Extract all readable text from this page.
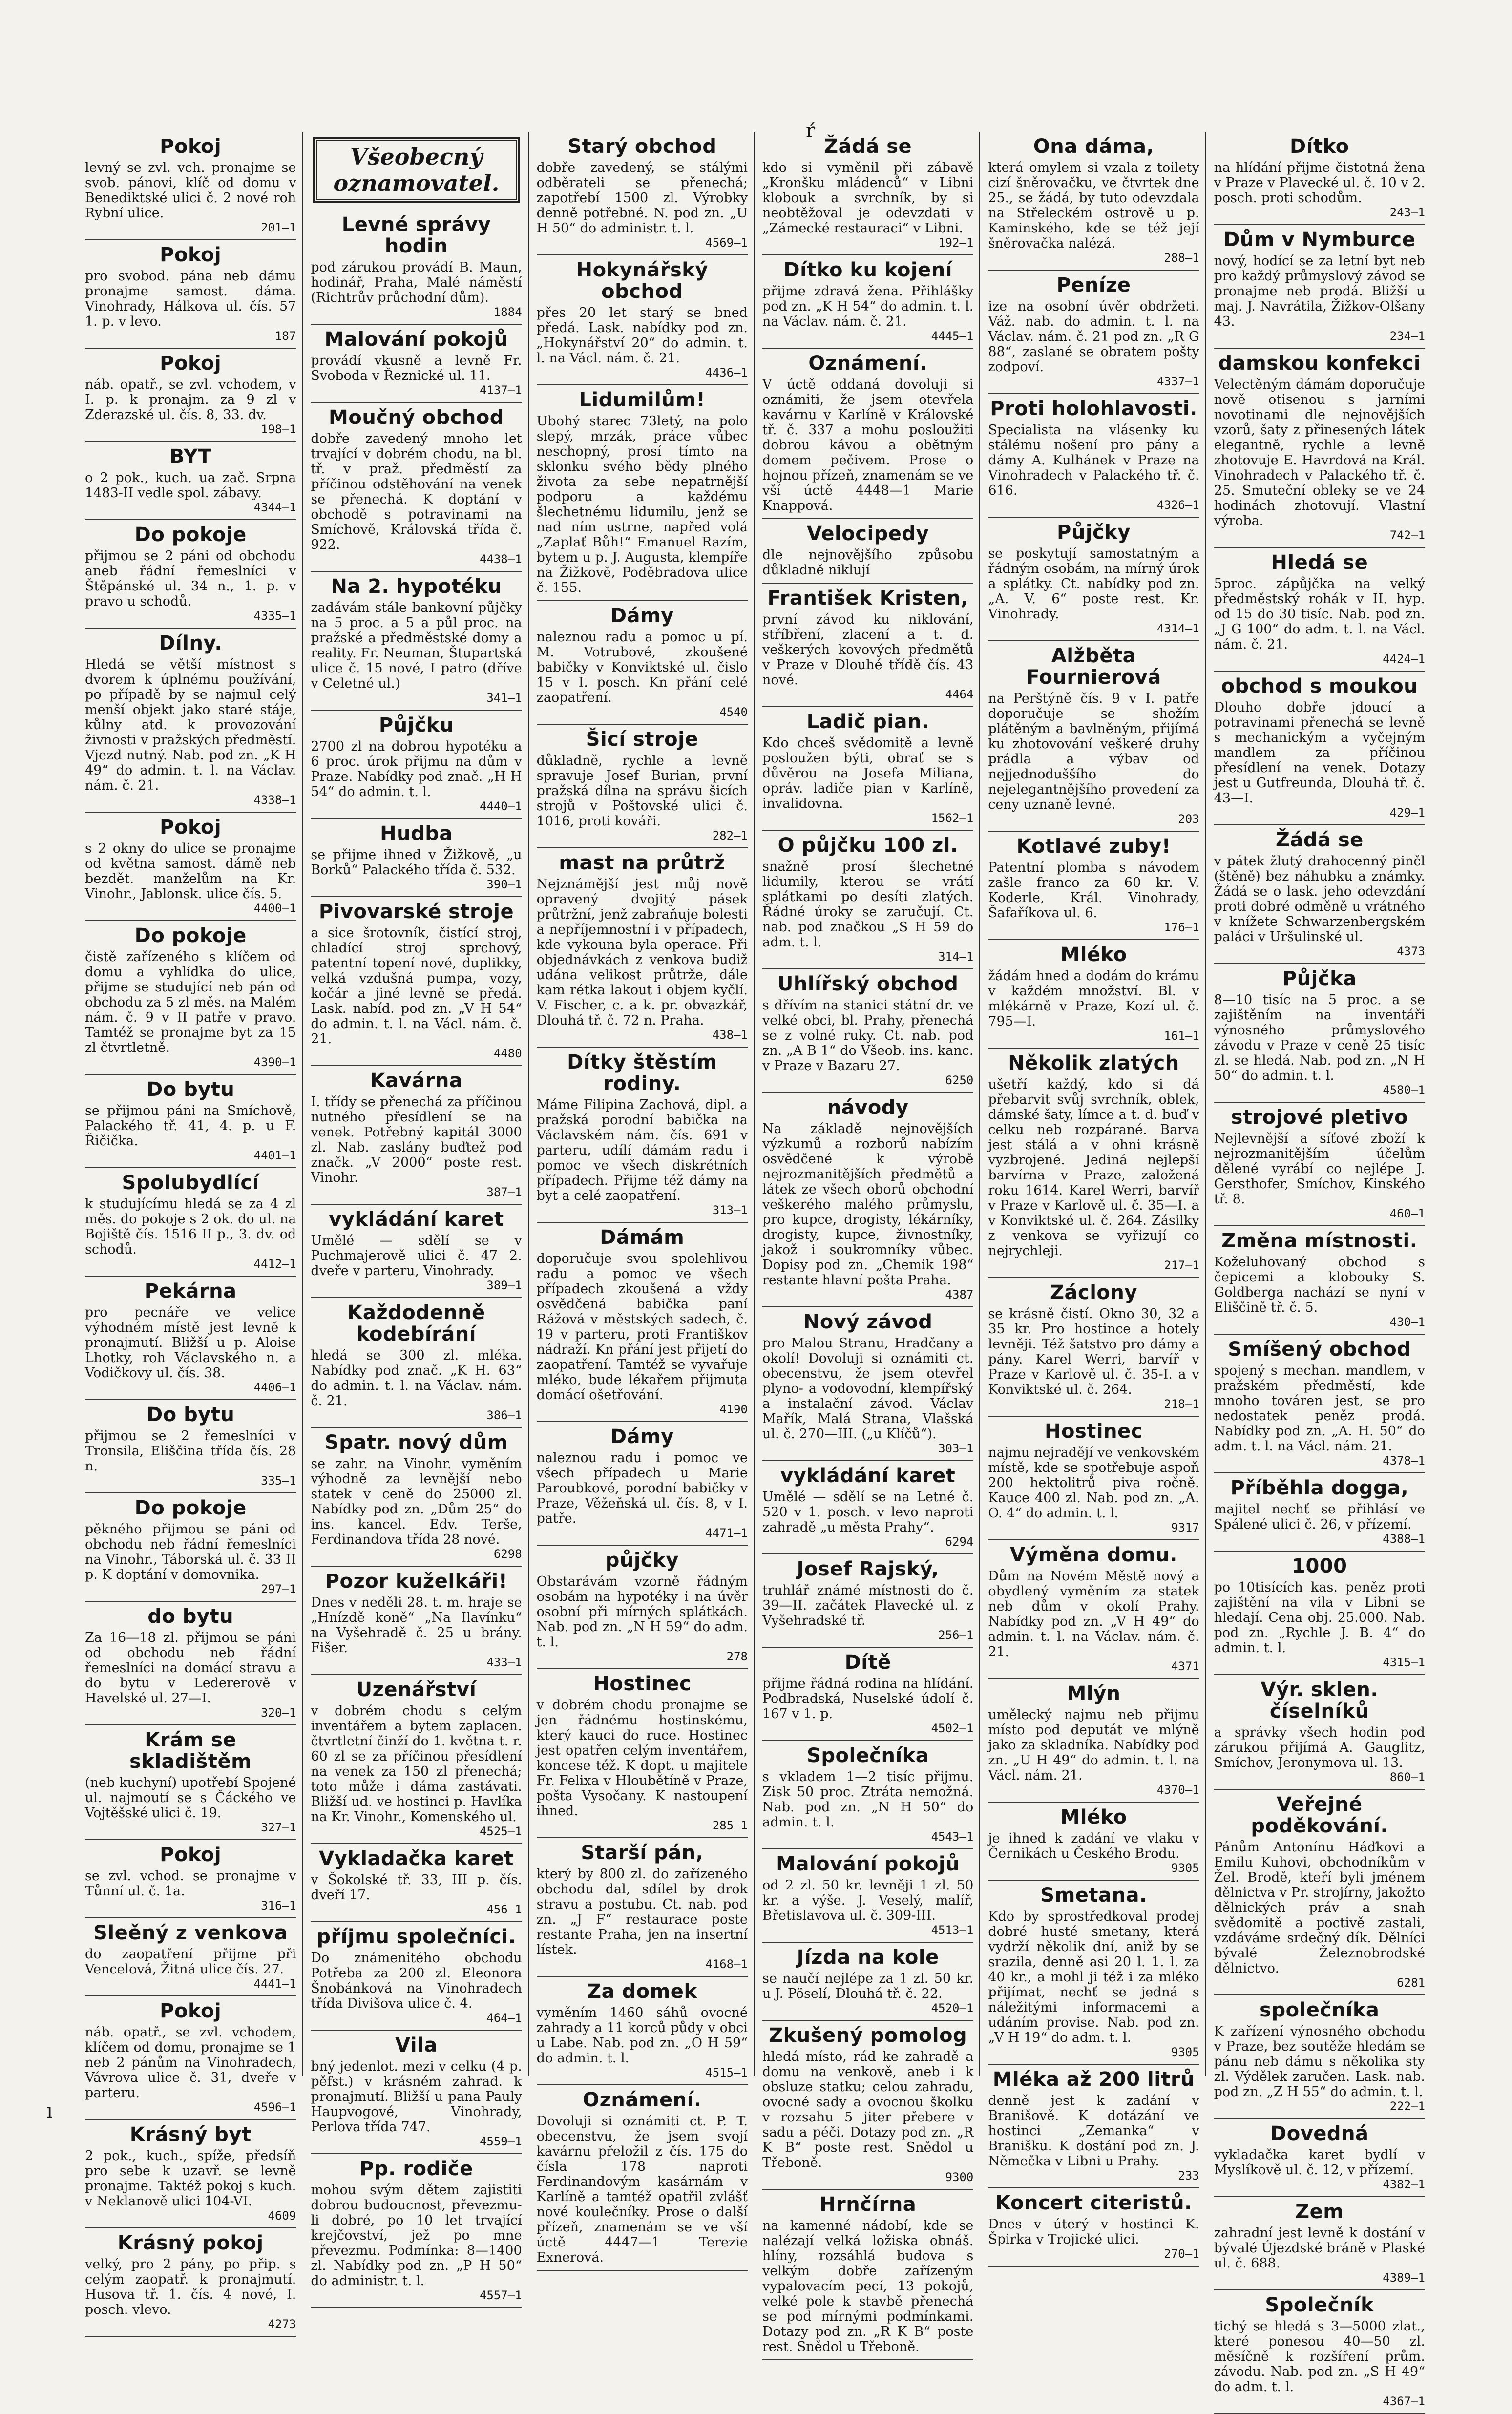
Pokoj

levný se zvl. vch. pronajme se svob. pánovi, klíč od domu v Benediktské ulici č. 2 nové roh Rybní ulice.

201—1
Pokoj

pro svobod. pána neb dámu pronajme samost. dáma. Vinohrady, Hálkova ul. čís. 57 1. p. v levo.

187
Pokoj

náb. opatř., se zvl. vchodem, v I. p. k pronajm. za 9 zl v Zderazské ul. čís. 8, 33. dv.

198—1
BYT

o 2 pok., kuch. ua zač. Srpna 1483-II vedle spol. zábavy.

4344—1
Do pokoje

přijmou se 2 páni od obchodu aneb řádní řemeslníci v Štěpánské ul. 34 n., 1. p. v pravo u schodů.

4335—1
Dílny.

Hledá se větší místnost s dvorem k úplnému používání, po případě by se najmul celý menší objekt jako staré stáje, kůlny atd. k provozování živnosti v pražských předměstí. Vjezd nutný. Nab. pod zn. „K H 49“ do admin. t. l. na Václav. nám. č. 21.

4338—1
Pokoj

s 2 okny do ulice se pronajme od května samost. dámě neb bezdět. manželům na Kr. Vinohr., Jablonsk. ulice čís. 5.

4400—1
Do pokoje

čistě zařízeného s klíčem od domu a vyhlídka do ulice, přijme se studující neb pán od obchodu za 5 zl měs. na Malém nám. č. 9 v II patře v pravo. Tamtéž se pronajme byt za 15 zl čtvrtletně.

4390—1
Do bytu

se přijmou páni na Smíchově, Palackého tř. 41, 4. p. u F. Řičička.

4401—1
Spolubydlící

k studujícímu hledá se za 4 zl měs. do pokoje s 2 ok. do ul. na Bojiště čís. 1516 II p., 3. dv. od schodů.

4412—1
Pekárna

pro pecnáře ve velice výhodném místě jest levně k pronajmutí. Bližší u p. Aloise Lhotky, roh Václavského n. a Vodičkovy ul. čís. 38.

4406—1
Do bytu

přijmou se 2 řemeslníci v Tronsila, Eliščina třída čís. 28 n.

335—1
Do pokoje

pěkného přijmou se páni od obchodu neb řádní řemeslníci na Vinohr., Táborská ul. č. 33 II p. K doptání v domovnika.

297—1
do bytu

Za 16—18 zl. přijmou se páni od obchodu neb řádní řemeslníci na domácí stravu a do bytu v Ledererově v Havelské ul. 27—I.

320—1
Krám se skladištěm

(neb kuchyní) upotřebí Spojené ul. najmoutí se s Čáckého ve Vojtěšské ulici č. 19.

327—1
Pokoj

se zvl. vchod. se pronajme v Tůnní ul. č. 1a.

316—1
Sleěný z venkova

do zaopatření přijme při Vencelová, Žitná ulice čís. 27.

4441—1
Pokoj

náb. opatř., se zvl. vchodem, klíčem od domu, pronajme se 1 neb 2 pánům na Vinohradech, Vávrova ulice č. 31, dveře v parteru.

4596—1
Krásný byt

2 pok., kuch., spíže, předsíň pro sebe k uzavř. se levně pronajme. Taktéž pokoj s kuch. v Neklanově ulici 104-VI.

4609
Krásný pokoj

velký, pro 2 pány, po přip. s celým zaopatř. k pronajmutí. Husova tř. 1. čís. 4 nové, I. posch. vlevo.

4273
Všeobecný oznamovatel.
Levné správy hodin

pod zárukou provádí B. Maun, hodinář, Praha, Malé náměstí (Richtrův průchodní dům).

1884
Malování pokojů

provádí vkusně a levně Fr. Svoboda v Řeznické ul. 11.

4137—1
Moučný obchod

dobře zavedený mnoho let trvající v dobrém chodu, na bl. tř. v praž. předměstí za příčinou odstěhování na venek se přenechá. K doptání v obchodě s potravinami na Smíchově, Královská třída č. 922.

4438—1
Na 2. hypotéku

zadávám stále bankovní půjčky na 5 proc. a 5 a půl proc. na pražské a předměstské domy a reality. Fr. Neuman, Štupartská ulice č. 15 nové, I patro (dříve v Celetné ul.)

341—1
Půjčku

2700 zl na dobrou hypotéku a 6 proc. úrok přijmu na dům v Praze. Nabídky pod znač. „H H 54“ do admin. t. l.

4440—1
Hudba

se přijme ihned v Žižkově, „u Borků“ Palackého třída č. 532.

390—1
Pivovarské stroje

a sice šrotovník, čistící stroj, chladící stroj sprchový, patentní topení nové, duplikky, velká vzdušná pumpa, vozy, kočár a jiné levně se předá. Lask. nabíd. pod zn. „V H 54“ do admin. t. l. na Václ. nám. č. 21.

4480
Kavárna

I. třídy se přenechá za příčinou nutného přesídlení se na venek. Potřebný kapitál 3000 zl. Nab. zaslány buďtež pod značk. „V 2000“ poste rest. Vinohr.

387—1
vykládání karet

Umělé — sdělí se v Puchmajerově ulici č. 47 2. dveře v parteru, Vinohrady.

389—1
Každodenně kodebírání

hledá se 300 zl. mléka. Nabídky pod znač. „K H. 63“ do admin. t. l. na Václav. nám. č. 21.

386—1
Spatr. nový dům

se zahr. na Vinohr. vyměním výhodně za levnější nebo statek v ceně do 25000 zl. Nabídky pod zn. „Dům 25“ do ins. kancel. Edv. Terše, Ferdinandova třída 28 nové.

6298
Pozor kuželkáři!

Dnes v neděli 28. t. m. hraje se „Hnízdě koně“ „Na Ilavínku“ na Vyšehradě č. 25 u brány. Fišer.

433—1
Uzenářství

v dobrém chodu s celým inventářem a bytem zaplacen. čtvrtletní činží do 1. května t. r. 60 zl se za příčinou přesídlení na venek za 150 zl přenechá; toto může i dáma zastávati. Bližší ud. ve hostinci p. Havlíka na Kr. Vinohr., Komenského ul.

4525—1
Vykladačka karet

v Šokolské tř. 33, III p. čís. dveří 17.

456—1
příjmu společníci.

Do známenitého obchodu Potřeba za 200 zl. Eleonora Šnobánková na Vinohradech třída Divišova ulice č. 4.

464—1
Vila

bný jedenlot. mezi v celku (4 p. pěfst.) v krásném zahrad. k pronajmutí. Bližší u pana Pauly Haupvogové, Vinohrady, Perlova třída 747.

4559—1
Pp. rodiče

mohou svým dětem zajistiti dobrou budoucnost, převezmu-li dobré, po 10 let trvající krejčovství, jež po mne převezmu. Podmínka: 8—1400 zl. Nabídky pod zn. „P H 50“ do administr. t. l.

4557—1
Starý obchod

dobře zavedený, se stálými odběrateli se přenechá; zapotřebí 1500 zl. Výrobky denně potřebné. N. pod zn. „U H 50“ do administr. t. l.

4569—1
Hokynářský obchod

přes 20 let starý se bned předá. Lask. nabídky pod zn. „Hokynářství 20“ do admin. t. l. na Václ. nám. č. 21.

4436—1
Lidumilům!

Ubohý starec 73letý, na polo slepý, mrzák, práce vůbec neschopný, prosí tímto na sklonku svého bědy plného života za sebe nepatrnější podporu a každému šlechetnému lidumilu, jenž se nad ním ustrne, napřed volá „Zaplať Bůh!“ Emanuel Razím, bytem u p. J. Augusta, klempíře na Žižkově, Poděbradova ulice č. 155.

Dámy

naleznou radu a pomoc u pí. M. Votrubové, zkoušené babičky v Konviktské ul. čislo 15 v I. posch. Kn přání celé zaopatření.

4540
Šicí stroje

důkladně, rychle a levně spravuje Josef Burian, první pražská dílna na správu šicích strojů v Poštovské ulici č. 1016, proti kováři.

282—1
mast na průtrž

Nejznámější jest můj nově opravený dvojitý pásek průtržní, jenž zabraňuje bolesti a nepříjemnostní i v případech, kde vykouna byla operace. Při objednávkách z venkova budiž udána velikost průtrže, dále kam rétka lakout i objem kyčlí. V. Fischer, c. a k. pr. obvazkář, Dlouhá tř. č. 72 n. Praha.

438—1
Dítky štěstím rodiny.

Máme Filipina Zachová, dipl. a pražská porodní babička na Václavském nám. čís. 691 v parteru, udílí dámám radu i pomoc ve všech diskrétních případech. Přijme též dámy na byt a celé zaopatření.

313—1
Dámám

doporučuje svou spolehlivou radu a pomoc ve všech případech zkoušená a vždy osvědčená babička paní Rážová v městských sadech, č. 19 v parteru, proti Františkov nádraží. Kn přání jest přijetí do zaopatření. Tamtéž se vyvařuje mléko, bude lékařem přijmuta domácí ošetřování.

4190
Dámy

naleznou radu i pomoc ve všech případech u Marie Paroubkové, porodní babičky v Praze, Věžeňská ul. čís. 8, v I. patře.

4471—1
půjčky

Obstarávám vzorně řádným osobám na hypotéky i na úvěr osobní při mírných splátkách. Nab. pod zn. „N H 59“ do adm. t. l.

278
Hostinec

v dobrém chodu pronajme se jen řádnému hostinskému, který kauci do ruce. Hostinec jest opatřen celým inventářem, koncese též. K dopt. u majitele Fr. Felixa v Hloubětíně v Praze, pošta Vysočany. K nastoupení ihned.

285—1
Starší pán,

který by 800 zl. do zařízeného obchodu dal, sdílel by drok stravu a postubu. Ct. nab. pod zn. „J F“ restaurace poste restante Praha, jen na insertní lístek.

4168—1
Za domek

vyměním 1460 sáhů ovocné zahrady a 11 korců půdy v obci u Labe. Nab. pod zn. „O H 59“ do admin. t. l.

4515—1
Oznámení.

Dovoluji si oznámiti ct. P. T. obecenstvu, že jsem svojí kavárnu přeložil z čís. 175 do čísla 178 naproti Ferdinandovým kasárnám v Karlíně a tamtéž opatřil zvlášť nové koulečníky. Prose o další přízeň, znamenám se ve vší úctě 4447—1 Terezie Exnerová.

Žádá se

kdo si vyměnil při zábavě „Kronšku mládenců“ v Libni klobouk a svrchník, by si neobtěžoval je odevzdati v „Zámecké restauraci“ v Libni.

192—1
Dítko ku kojení

přijme zdravá žena. Přihlášky pod zn. „K H 54“ do admin. t. l. na Václav. nám. č. 21.

4445—1
Oznámení.

V úctě oddaná dovoluji si oznámiti, že jsem otevřela kavárnu v Karlíně v Královské tř. č. 337 a mohu posloužiti dobrou kávou a obětným domem pečivem. Prose o hojnou přízeň, znamenám se ve vší úctě 4448—1 Marie Knappová.

Velocipedy

dle nejnovějšího způsobu důkladně niklují

František Kristen,

první závod ku niklování, stříbření, zlacení a t. d. veškerých kovových předmětů v Praze v Dlouhé třídě čís. 43 nové.

4464
Ladič pian.

Kdo chceš svědomitě a levně posloužen býti, obrať se s důvěrou na Josefa Miliana, opráv. ladiče pian v Karlíně, invalidovna.

1562—1
O půjčku 100 zl.

snažně prosí šlechetné lidumily, kterou se vrátí splátkami po desíti zlatých. Řádné úroky se zaručují. Ct. nab. pod značkou „S H 59 do adm. t. l.

314—1
Uhlířský obchod

s dřívím na stanici státní dr. ve velké obci, bl. Prahy, přenechá se z volné ruky. Ct. nab. pod zn. „A B 1“ do Všeob. ins. kanc. v Praze v Bazaru 27.

6250
návody

Na základě nejnovějších výzkumů a rozborů nabízím osvědčené k výrobě nejrozmanitějších předmětů a látek ze všech oborů obchodní veškerého malého průmyslu, pro kupce, drogisty, lékárníky, drogisty, kupce, živnostníky, jakož i soukromníky vůbec. Dopisy pod zn. „Chemik 198“ restante hlavní pošta Praha.

4387
Nový závod

pro Malou Stranu, Hradčany a okolí! Dovoluji si oznámiti ct. obecenstvu, že jsem otevřel plyno- a vodovodní, klempířský a instalační závod. Václav Mařík, Malá Strana, Vlašská ul. č. 270—III. („u Klíčů“).

303—1
vykládání karet

Umělé — sdělí se na Letné č. 520 v 1. posch. v levo naproti zahradě „u města Prahy“.

6294
Josef Rajský,

truhlář známé místnosti do č. 39—II. začátek Plavecké ul. z Vyšehradské tř.

256—1
Dítě

přijme řádná rodina na hlídání. Podbradská, Nuselské údolí č. 167 v 1. p.

4502—1
Společníka

s vkladem 1—2 tisíc přijmu. Zisk 50 proc. Ztráta nemožná. Nab. pod zn. „N H 50“ do admin. t. l.

4543—1
Malování pokojů

od 2 zl. 50 kr. levněji 1 zl. 50 kr. a výše. J. Veselý, malíř, Břetislavova ul. č. 309-III.

4513—1
Jízda na kole

se naučí nejlépe za 1 zl. 50 kr. u J. Pöselí, Dlouhá tř. č. 22.

4520—1
Zkušený pomolog

hledá místo, rád ke zahradě a domu na venkově, aneb i k obsluze statku; celou zahradu, ovocné sady a ovocnou školku v rozsahu 5 jiter přebere v sadu a péči. Dotazy pod zn. „R K B“ poste rest. Snědol u Třeboně.

9300
Hrnčírna

na kamenné nádobí, kde se nalézají velká ložiska obnáš. hlíny, rozsáhlá budova s velkým dobře zařízeným vypalovacím pecí, 13 pokojů, velké pole k stavbě přenechá se pod mírnými podmínkami. Dotazy pod zn. „R K B“ poste rest. Snědol u Třeboně.

Ona dáma,

která omylem si vzala z toilety cizí šněrovačku, ve čtvrtek dne 25., se žádá, by tuto odevzdala na Střeleckém ostrově u p. Kaminského, kde se též její šněrovačka nalézá.

288—1
Peníze

ize na osobní úvěr obdržeti. Váž. nab. do admin. t. l. na Václav. nám. č. 21 pod zn. „R G 88“, zaslané se obratem pošty zodpoví.

4337—1
Proti holohlavosti.

Specialista na vlásenky ku stálému nošení pro pány a dámy A. Kulhánek v Praze na Vinohradech v Palackého tř. č. 616.

4326—1
Půjčky

se poskytují samostatným a řádným osobám, na mírný úrok a splátky. Ct. nabídky pod zn. „A. V. 6“ poste rest. Kr. Vinohrady.

4314—1
Alžběta Fournierová

na Perštýně čís. 9 v I. patře doporučuje se shožím plátěným a bavlněným, přijímá ku zhotovování veškeré druhy prádla a výbav od nejjednoduššího do nejelegantnějšího provedení za ceny uznaně levné.

203
Kotlavé zuby!

Patentní plomba s návodem zašle franco za 60 kr. V. Koderle, Král. Vinohrady, Šafaříkova ul. 6.

176—1
Mléko

žádám hned a dodám do krámu v každém množství. Bl. v mlékárně v Praze, Kozí ul. č. 795—I.

161—1
Několik zlatých

ušetří každý, kdo si dá přebarvit svůj svrchník, oblek, dámské šaty, límce a t. d. buď v celku neb rozpárané. Barva jest stálá a v ohni krásně vyzbrojené. Jediná nejlepší barvírna v Praze, založená roku 1614. Karel Werri, barvíř v Praze v Karlově ul. č. 35—I. a v Konviktské ul. č. 264. Zásilky z venkova se vyřizují co nejrychleji.

217—1
Záclony

se krásně čistí. Okno 30, 32 a 35 kr. Pro hostince a hotely levněji. Též šatstvo pro dámy a pány. Karel Werri, barvíř v Praze v Karlově ul. č. 35-I. a v Konviktské ul. č. 264.

218—1
Hostinec

najmu nejradějí ve venkovském místě, kde se spotřebuje aspoň 200 hektolitrů piva ročně. Kauce 400 zl. Nab. pod zn. „A. O. 4“ do admin. t. l.

9317
Výměna domu.

Dům na Novém Městě nový a obydlený vyměním za statek neb dům v okolí Prahy. Nabídky pod zn. „V H 49“ do admin. t. l. na Václav. nám. č. 21.

4371
Mlýn

umělecký najmu neb přijmu místo pod deputát ve mlýně jako za skladníka. Nabídky pod zn. „U H 49“ do admin. t. l. na Václ. nám. 21.

4370—1
Mléko

je ihned k zadání ve vlaku v Černikách u Českého Brodu.

9305
Smetana.

Kdo by sprostředkoval prodej dobré husté smetany, která vydrží několik dní, aniž by se srazila, denně asi 20 l. 1. l. za 40 kr., a mohl ji též i za mléko přijímat, nechť se jedná s náležitými informacemi a udáním provise. Nab. pod zn. „V H 19“ do adm. t. l.

9305
Mléka až 200 litrů

denně jest k zadání v Branišově. K dotázání ve hostinci „Zemanka“ v Branišku. K dostání pod zn. J. Němečka v Libni u Prahy.

233
Koncert citeristů.

Dnes v úterý v hostinci K. Špirka v Trojické ulici.

270—1
Dítko

na hlídání přijme čistotná žena v Praze v Plavecké ul. č. 10 v 2. posch. proti schodům.

243—1
Dům v Nymburce

nový, hodící se za letní byt neb pro každý průmyslový závod se pronajme neb prodá. Bližší u maj. J. Navrátila, Žižkov-Olšany 43.

234—1
damskou konfekci

Velectěným dámám doporučuje nově otisenou s jarními novotinami dle nejnovějších vzorů, šaty z přinesených látek elegantně, rychle a levně zhotovuje E. Havrdová na Král. Vinohradech v Palackého tř. č. 25. Smuteční obleky se ve 24 hodinách zhotovují. Vlastní výroba.

742—1
Hledá se

5proc. zápůjčka na velký předměstský rohák v II. hyp. od 15 do 30 tisíc. Nab. pod zn. „J G 100“ do adm. t. l. na Václ. nám. č. 21.

4424—1
obchod s moukou

Dlouho dobře jdoucí a potravinami přenechá se levně s mechanickým a vyčejným mandlem za příčinou přesídlení na venek. Dotazy jest u Gutfreunda, Dlouhá tř. č. 43—I.

429—1
Žádá se

v pátek žlutý drahocenný pinčl (štěně) bez náhubku a známky. Žádá se o lask. jeho odevzdání proti dobré odměně u vrátného v knížete Schwarzenbergském paláci v Uršulinské ul.

4373
Půjčka

8—10 tisíc na 5 proc. a se zajištěním na inventáři výnosného průmyslového závodu v Praze v ceně 25 tisíc zl. se hledá. Nab. pod zn. „N H 50“ do admin. t. l.

4580—1
strojové pletivo

Nejlevnější a síťové zboží k nejrozmanitějším účelům dělené vyrábí co nejlépe J. Gersthofer, Smíchov, Kinského tř. 8.

460—1
Změna místnosti.

Koželuhovaný obchod s čepicemi a klobouky S. Goldberga nachází se nyní v Eliščině tř. č. 5.

430—1
Smíšený obchod

spojený s mechan. mandlem, v pražském předměstí, kde mnoho továren jest, se pro nedostatek peněz prodá. Nabídky pod zn. „A. H. 50“ do adm. t. l. na Václ. nám. 21.

4378—1
Příběhla dogga,

majitel nechť se přihlásí ve Spálené ulici č. 26, v přízemí.

4388—1
1000

po 10tisících kas. peněz proti zajištění na vila v Libni se hledají. Cena obj. 25.000. Nab. pod zn. „Rychle J. B. 4“ do admin. t. l.

4315—1
Výr. sklen. číselníků

a správky všech hodin pod zárukou přijímá A. Gauglitz, Smíchov, Jeronymova ul. 13.

860—1
Veřejné poděkování.

Pánům Antonínu Háďkovi a Emilu Kuhovi, obchodníkům v Žel. Brodě, kteří byli jménem dělnictva v Pr. strojírny, jakožto dělnických práv a snah svědomitě a poctivě zastali, vzdáváme srdečný dík. Dělníci bývalé Železnobrodské dělnictvo.

6281
společníka

K zařízení výnosného obchodu v Praze, bez soutěže hledám se pánu neb dámu s několika sty zl. Výdělek zaručen. Lask. nab. pod zn. „Z H 55“ do admin. t. l.

222—1
Dovedná

vykladačka karet bydlí v Myslíkově ul. č. 12, v přízemí.

4382—1
Zem

zahradní jest levně k dostání v bývalé Újezdské bráně v Plaské ul. č. 688.

4389—1
Společník

tichý se hledá s 3—5000 zlat., které ponesou 40—50 zl. měsíčně k rozšíření prům. závodu. Nab. pod zn. „S H 49“ do adm. t. l.

4367—1
ŕ
ı
